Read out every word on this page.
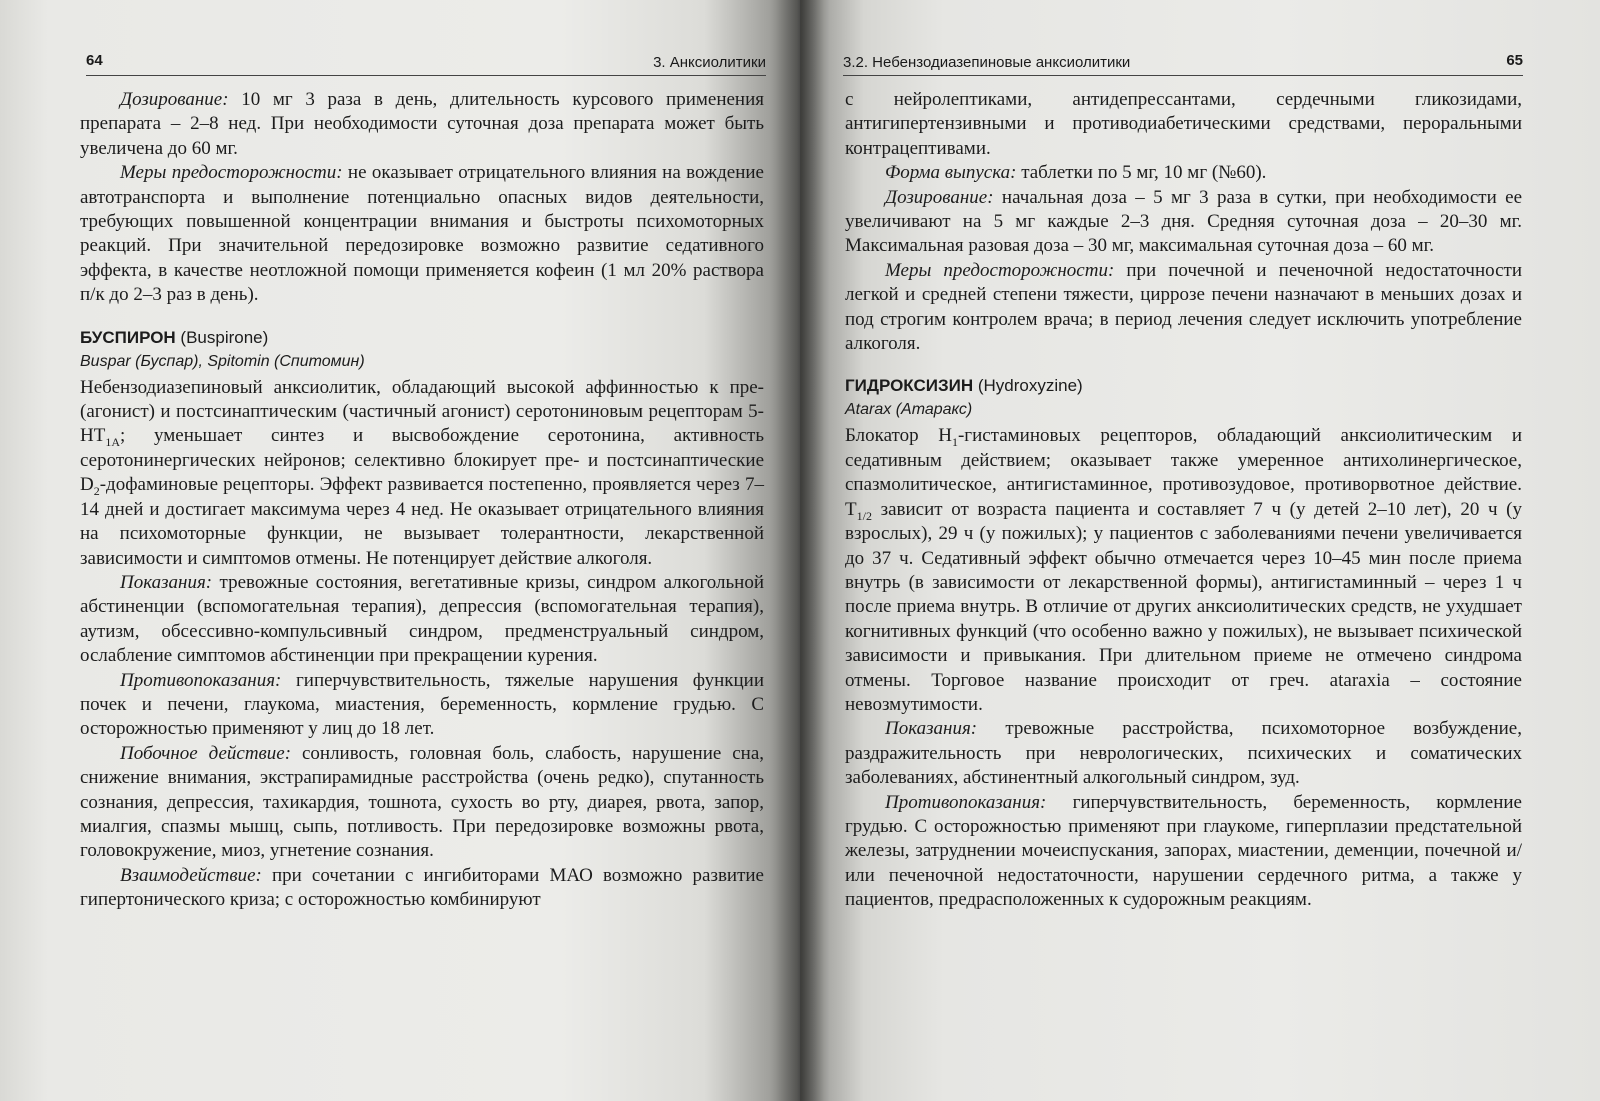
64	3. Анксиолитики

Дозирование: 10 мг 3 раза в день, длительность курсового применения препарата – 2–8 нед. При необходимости суточная доза препарата может быть увеличена до 60 мг.

Меры предосторожности: не оказывает отрицательного влияния на вождение автотранспорта и выполнение потенциально опасных видов деятельности, требующих повышенной концентрации внимания и быстроты психомоторных реакций. При значительной передозировке возможно развитие седативного эффекта, в качестве неотложной помощи применяется кофеин (1 мл 20% раствора п/к до 2–3 раз в день).

БУСПИРОН (Buspirone)

Buspar (Буспар), Spitomin (Спитомин)

Небензодиазепиновый анксиолитик, обладающий высокой аффинностью к пре- (агонист) и постсинаптическим (частичный агонист) серотониновым рецепторам $5-НТ_{1А}$; уменьшает синтез и высвобождение серотонина, активность серотонинергических нейронов; селективно блокирует пре- и постсинаптические $D_2$-дофаминовые рецепторы. Эффект развивается постепенно, проявляется через 7–14 дней и достигает максимума через 4 нед. Не оказывает отрицательного влияния на психомоторные функции, не вызывает толерантности, лекарственной зависимости и симптомов отмены. Не потенцирует действие алкоголя.

Показания: тревожные состояния, вегетативные кризы, синдром алкогольной абстиненции (вспомогательная терапия), депрессия (вспомогательная терапия), аутизм, обсессивно-компульсивный синдром, предменструальный синдром, ослабление симптомов абстиненции при прекращении курения.

Противопоказания: гиперчувствительность, тяжелые нарушения функции почек и печени, глаукома, миастения, беременность, кормление грудью. С осторожностью применяют у лиц до 18 лет.

Побочное действие: сонливость, головная боль, слабость, нарушение сна, снижение внимания, экстрапирамидные расстройства (очень редко), спутанность сознания, депрессия, тахикардия, тошнота, сухость во рту, диарея, рвота, запор, миалгия, спазмы мышц, сыпь, потливость. При передозировке возможны рвота, головокружение, миоз, угнетение сознания.

Взаимодействие: при сочетании с ингибиторами МАО возможно развитие гипертонического криза; с осторожностью комбинируют

3.2. Небензодиазепиновые анксиолитики	65

с нейролептиками, антидепрессантами, сердечными гликозидами, антигипертензивными и противодиабетическими средствами, пероральными контрацептивами.

Форма выпуска: таблетки по 5 мг, 10 мг (№60).

Дозирование: начальная доза – 5 мг 3 раза в сутки, при необходимости ее увеличивают на 5 мг каждые 2–3 дня. Средняя суточная доза – 20–30 мг. Максимальная разовая доза – 30 мг, максимальная суточная доза – 60 мг.

Меры предосторожности: при почечной и печеночной недостаточности легкой и средней степени тяжести, циррозе печени назначают в меньших дозах и под строгим контролем врача; в период лечения следует исключить употребление алкоголя.

ГИДРОКСИЗИН (Hydroxyzine)

Atarax (Атаракс)

Блокатор $Н_1$-гистаминовых рецепторов, обладающий анксиолитическим и седативным действием; оказывает также умеренное антихолинергическое, спазмолитическое, антигистаминное, противозудовое, противорвотное действие. $Т_{1/2}$ зависит от возраста пациента и составляет 7 ч (у детей 2–10 лет), 20 ч (у взрослых), 29 ч (у пожилых); у пациентов с заболеваниями печени увеличивается до 37 ч. Седативный эффект обычно отмечается через 10–45 мин после приема внутрь (в зависимости от лекарственной формы), антигистаминный – через 1 ч после приема внутрь. В отличие от других анксиолитических средств, не ухудшает когнитивных функций (что особенно важно у пожилых), не вызывает психической зависимости и привыкания. При длительном приеме не отмечено синдрома отмены. Торговое название происходит от греч. ataraxia – состояние невозмутимости.

Показания: тревожные расстройства, психомоторное возбуждение, раздражительность при неврологических, психических и соматических заболеваниях, абстинентный алкогольный синдром, зуд.

Противопоказания: гиперчувствительность, беременность, кормление грудью. С осторожностью применяют при глаукоме, гиперплазии предстательной железы, затруднении мочеиспускания, запорах, миастении, деменции, почечной и/или печеночной недостаточности, нарушении сердечного ритма, а также у пациентов, предрасположенных к судорожным реакциям.
